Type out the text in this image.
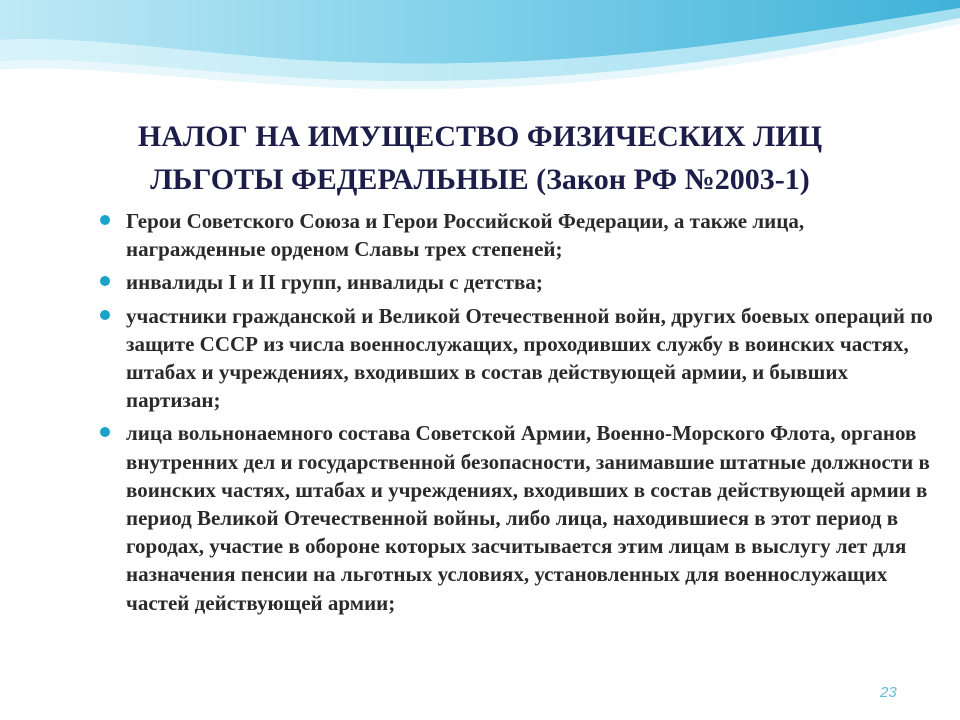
НАЛОГ НА ИМУЩЕСТВО ФИЗИЧЕСКИХ ЛИЦ
ЛЬГОТЫ ФЕДЕРАЛЬНЫЕ (Закон РФ №2003-1)
Герои Советского Союза и Герои Российской Федерации, а также лица, награжденные орденом Славы трех степеней;
инвалиды I и II групп, инвалиды с детства;
участники гражданской и Великой Отечественной войн, других боевых операций по защите СССР из числа военнослужащих, проходивших службу в воинских частях, штабах и учреждениях, входивших в состав действующей армии, и бывших партизан;
лица вольнонаемного состава Советской Армии, Военно-Морского Флота, органов внутренних дел и государственной безопасности, занимавшие штатные должности в воинских частях, штабах и учреждениях, входивших в состав действующей армии в период Великой Отечественной войны, либо лица, находившиеся в этот период в городах, участие в обороне которых засчитывается этим лицам в выслугу лет для назначения пенсии на льготных условиях, установленных для военнослужащих частей действующей армии;
23
